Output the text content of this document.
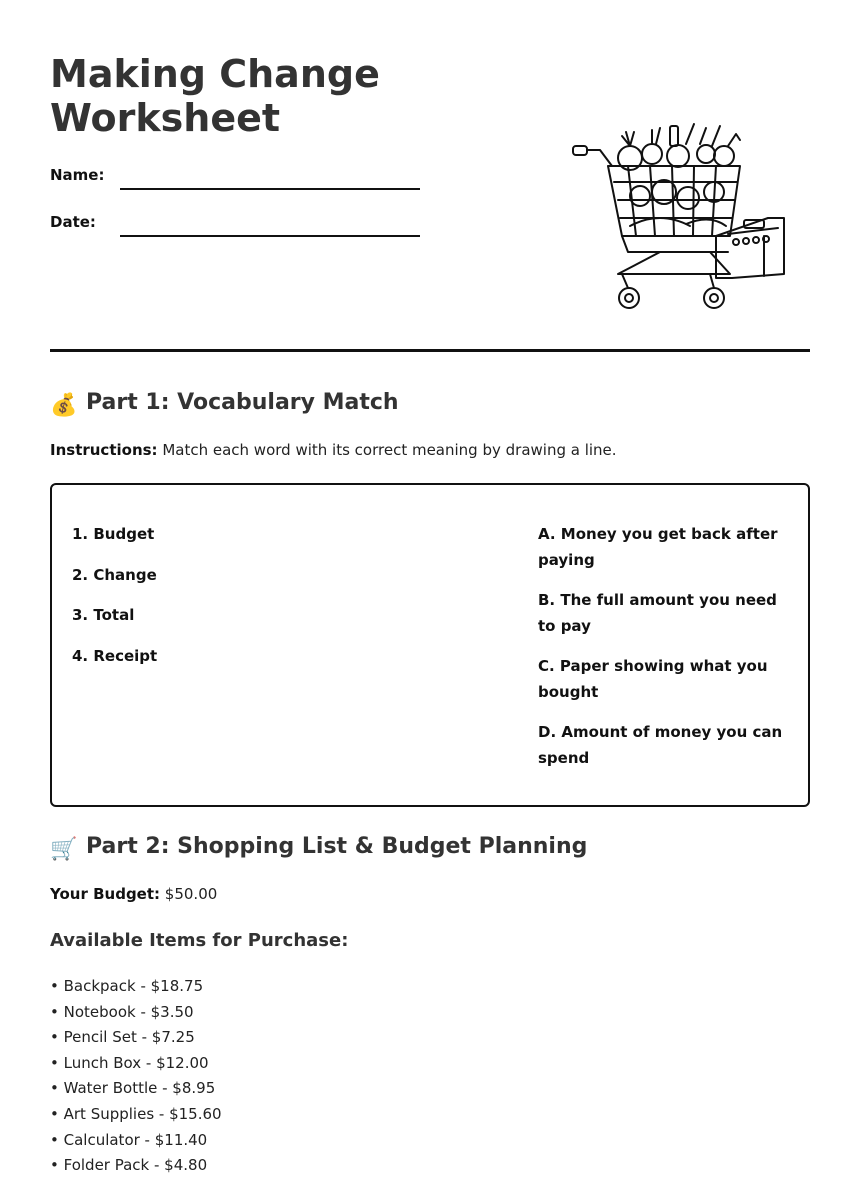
Making Change Worksheet
Name:
Date:
💰 Part 1: Vocabulary Match

Instructions: Match each word with its correct meaning by drawing a line.

1. Budget
2. Change
3. Total
4. Receipt
A. Money you get back after paying
B. The full amount you need to pay
C. Paper showing what you bought
D. Amount of money you can spend
🛒 Part 2: Shopping List & Budget Planning

Your Budget: $50.00

Available Items for Purchase:
• Backpack - $18.75
• Notebook - $3.50
• Pencil Set - $7.25
• Lunch Box - $12.00
• Water Bottle - $8.95
• Art Supplies - $15.60
• Calculator - $11.40
• Folder Pack - $4.80
